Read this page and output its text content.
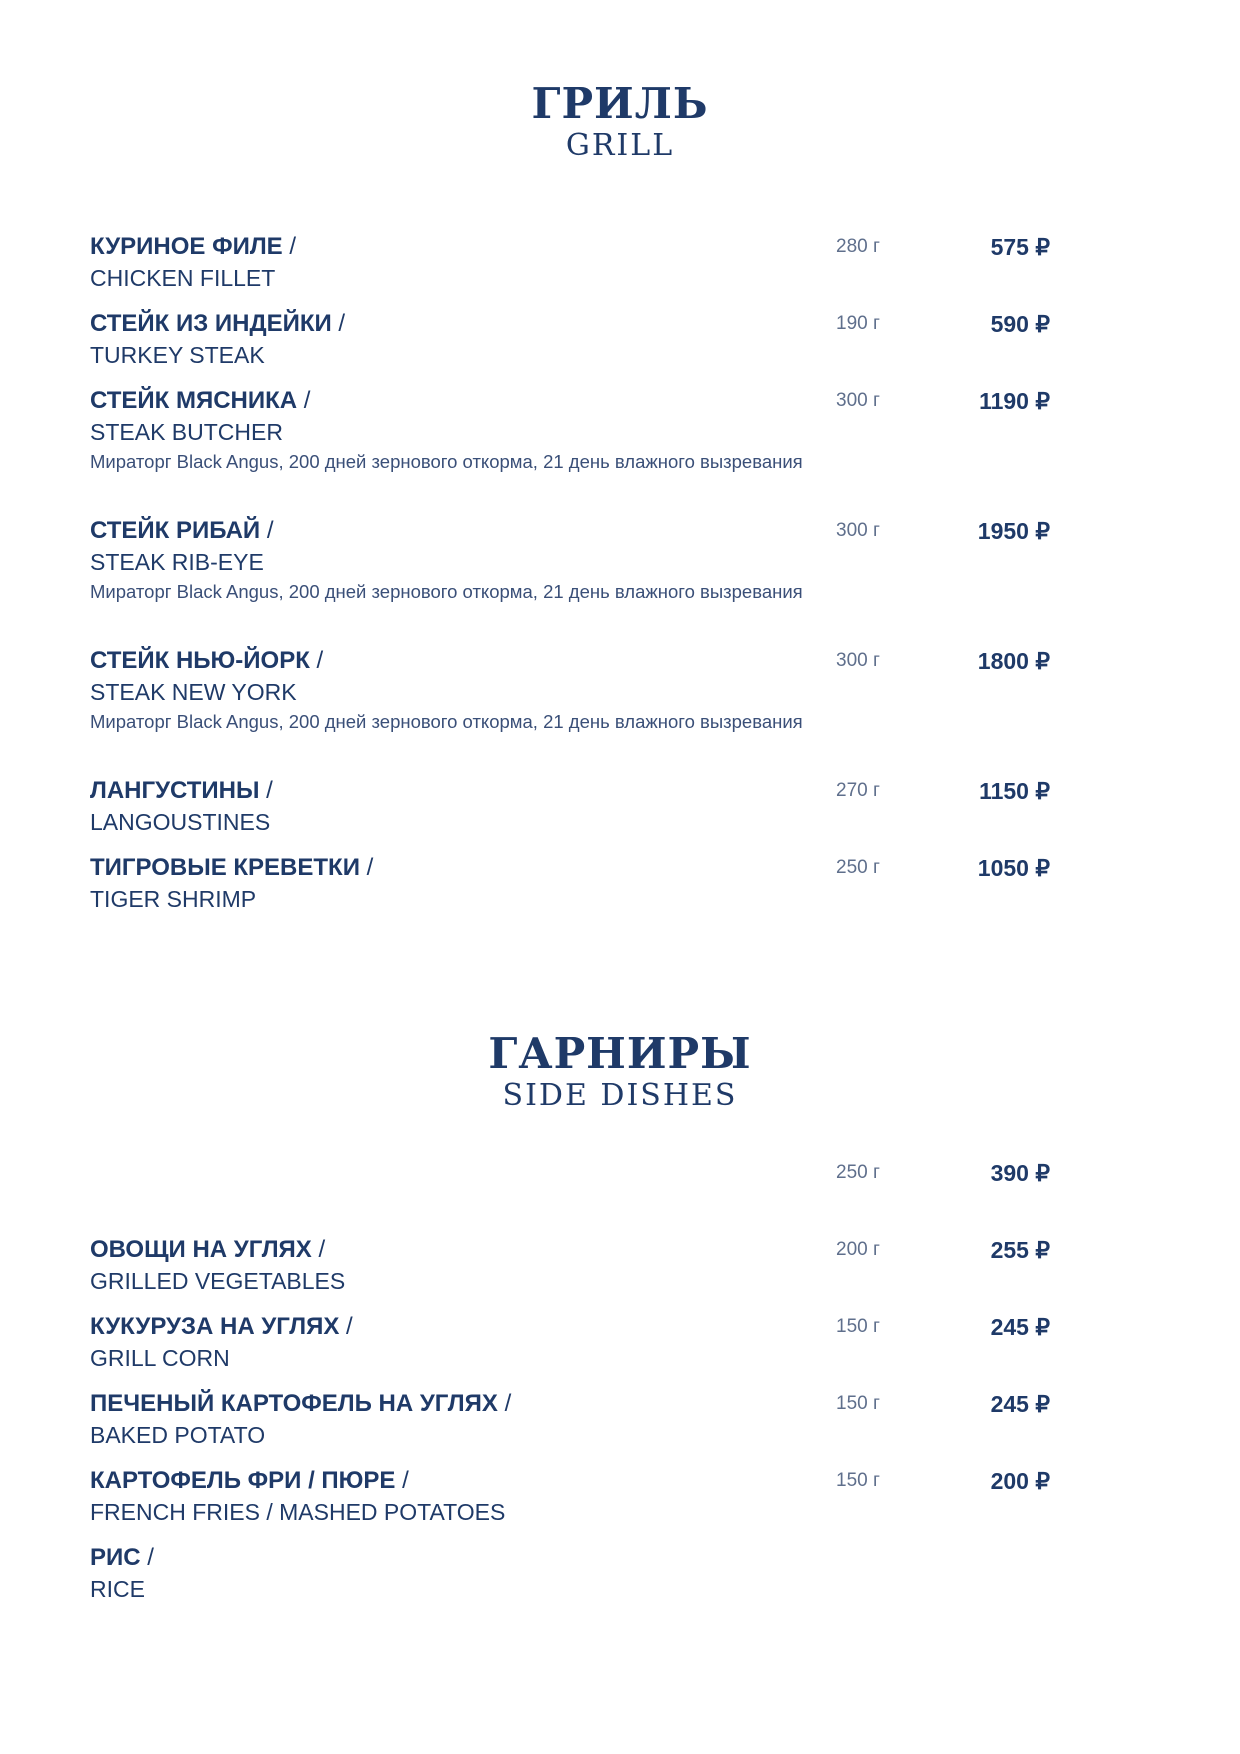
ГРИЛЬ
GRILL
КУРИНОЕ ФИЛЕ /
CHICKEN FILLET
280 г	575 ₽
СТЕЙК ИЗ ИНДЕЙКИ /
TURKEY STEAK
190 г	590 ₽
СТЕЙК МЯСНИКА /
STEAK BUTCHER
Мираторг Black Angus, 200 дней зернового откорма, 21 день влажного вызревания
300 г	1190 ₽
СТЕЙК РИБАЙ /
STEAK RIB-EYE
Мираторг Black Angus, 200 дней зернового откорма, 21 день влажного вызревания
300 г	1950 ₽
СТЕЙК НЬЮ-ЙОРК /
STEAK NEW YORK
Мираторг Black Angus, 200 дней зернового откорма, 21 день влажного вызревания
300 г	1800 ₽
ЛАНГУСТИНЫ /
LANGOUSTINES
270 г	1150 ₽
ТИГРОВЫЕ КРЕВЕТКИ /
TIGER SHRIMP
250 г	1050 ₽
ГАРНИРЫ
SIDE DISHES
250 г	390 ₽
ОВОЩИ НА УГЛЯХ /
GRILLED VEGETABLES
200 г	255 ₽
КУКУРУЗА НА УГЛЯХ /
GRILL CORN
150 г	245 ₽
ПЕЧЕНЫЙ КАРТОФЕЛЬ НА УГЛЯХ /
BAKED POTATO
150 г	245 ₽
КАРТОФЕЛЬ ФРИ / ПЮРЕ /
FRENCH FRIES / MASHED POTATOES
150 г	200 ₽
РИС /
RICE
